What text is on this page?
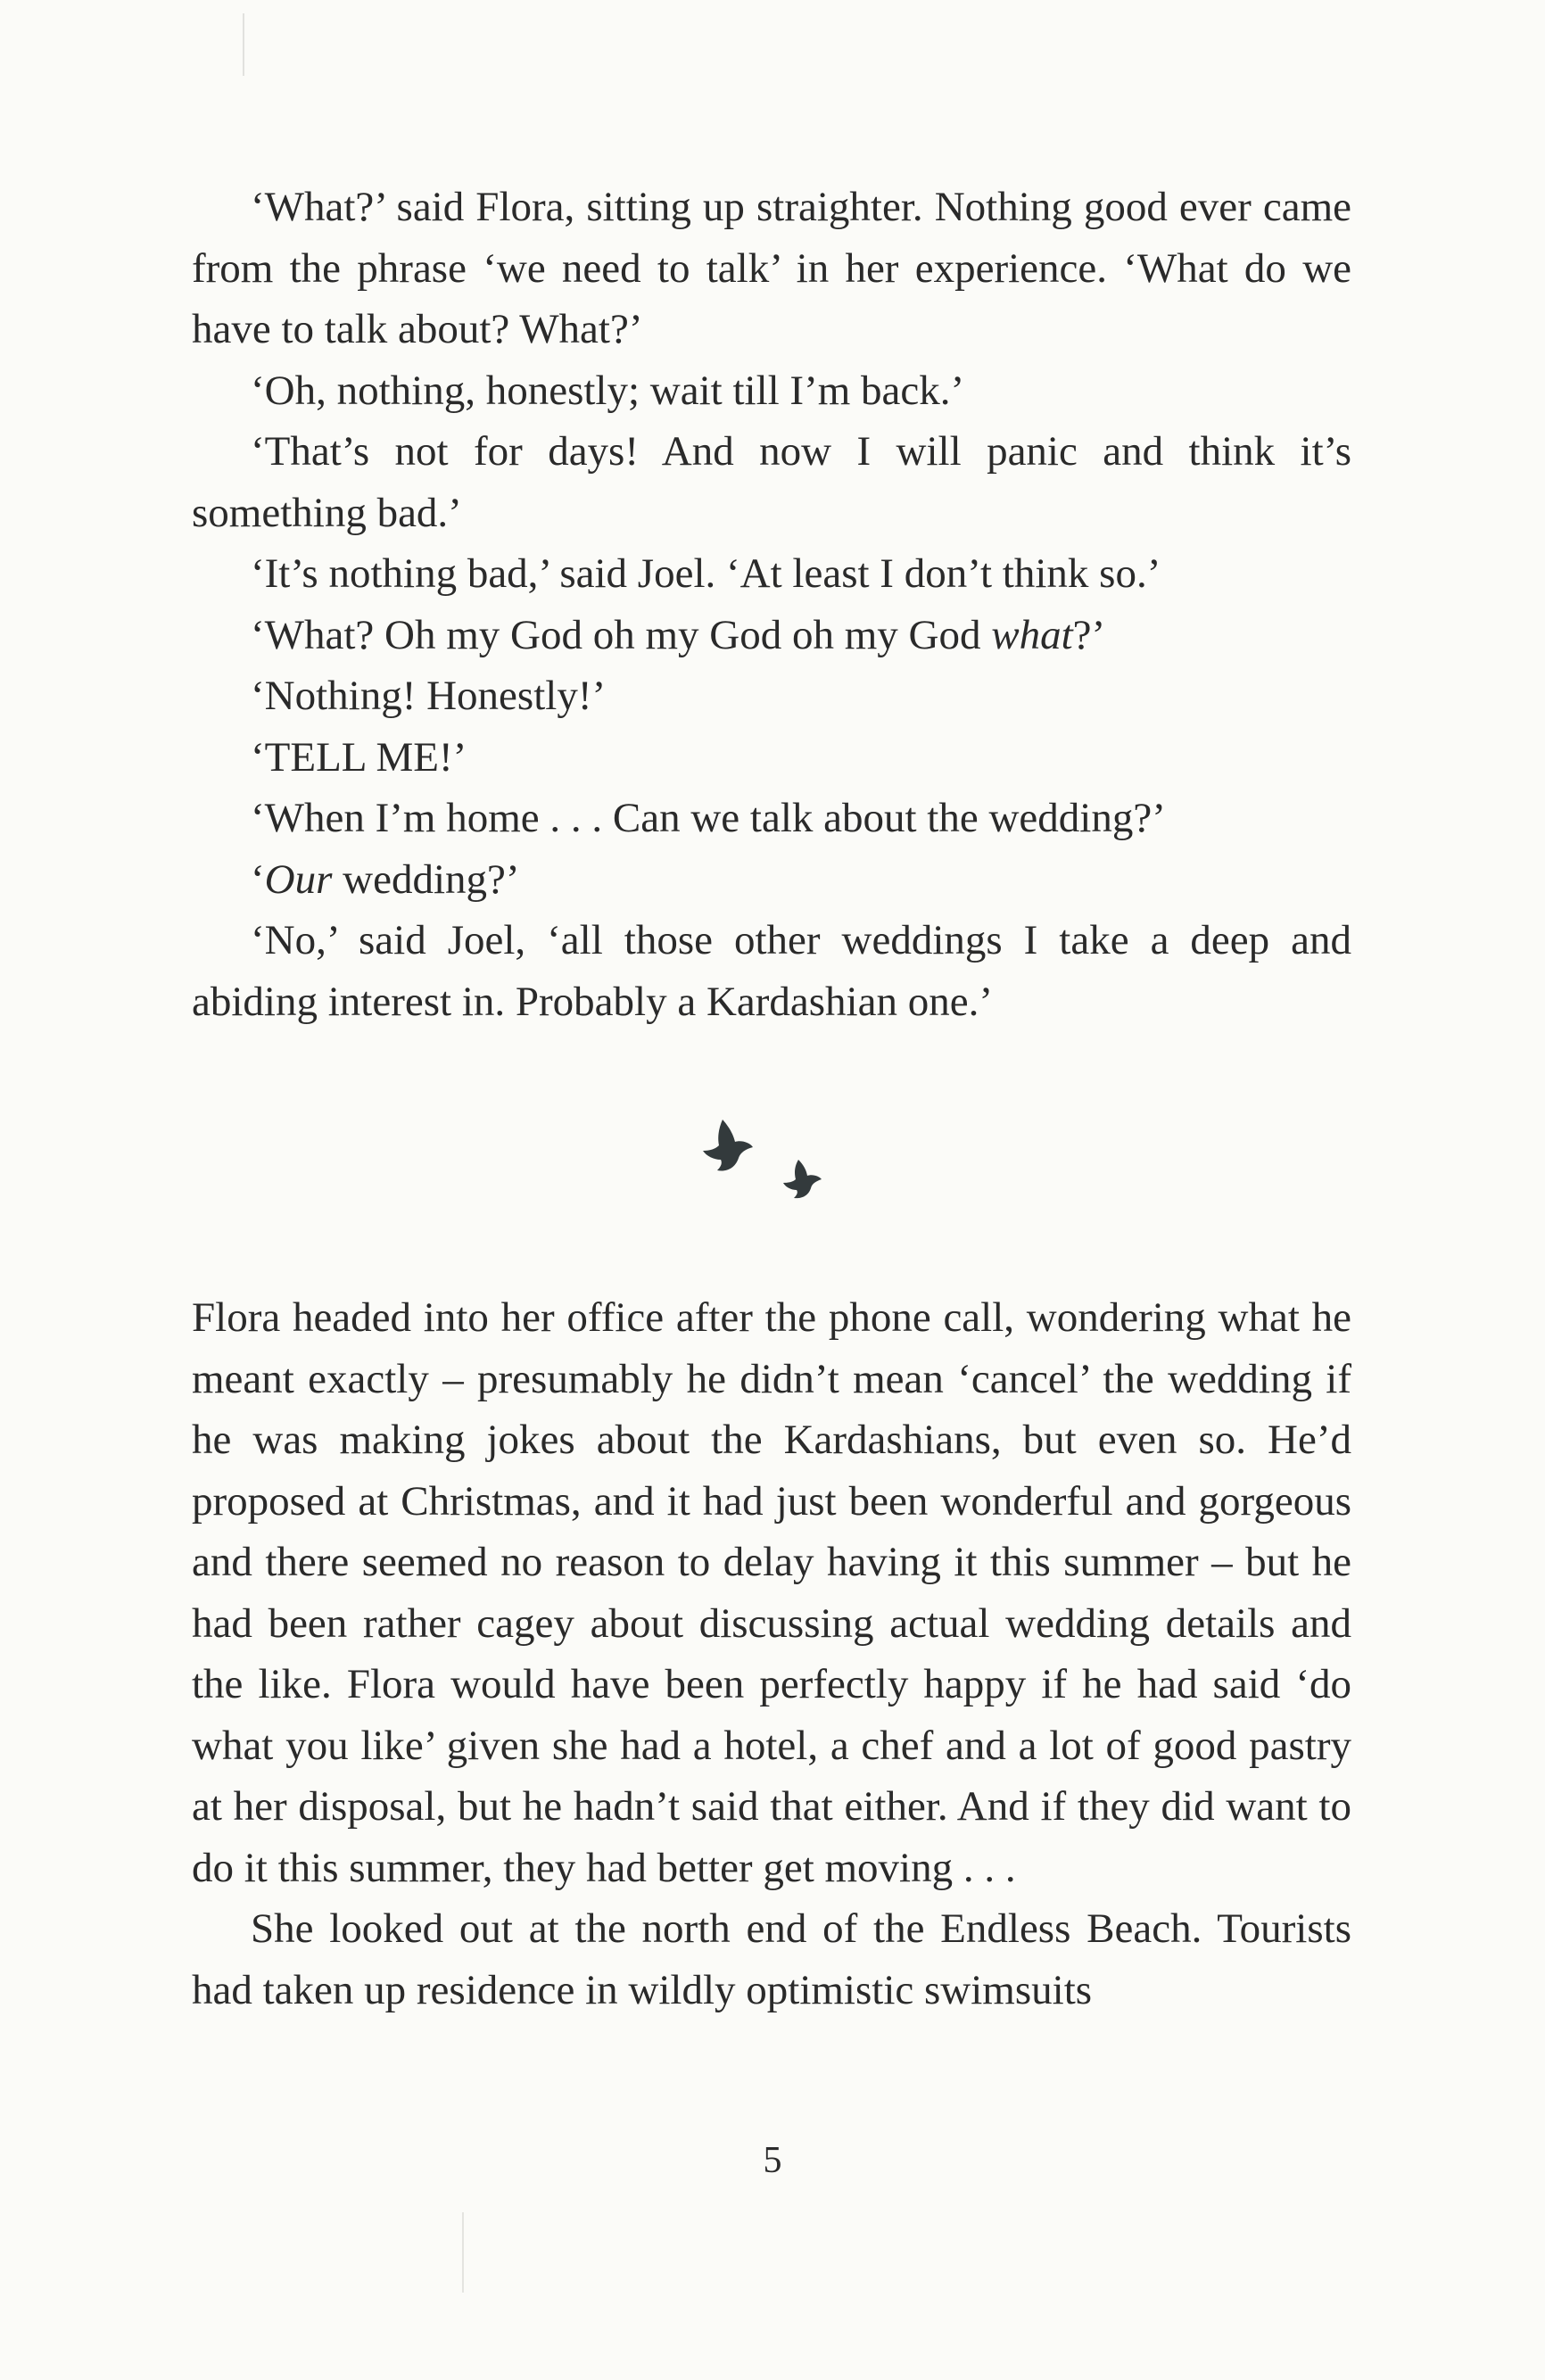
‘What?’ said Flora, sitting up straighter. Nothing good ever came from the phrase ‘we need to talk’ in her experience. ‘What do we have to talk about? What?’

‘Oh, nothing, honestly; wait till I’m back.’

‘That’s not for days! And now I will panic and think it’s something bad.’

‘It’s nothing bad,’ said Joel. ‘At least I don’t think so.’

‘What? Oh my God oh my God oh my God what?’

‘Nothing! Honestly!’

‘TELL ME!’

‘When I’m home . . . Can we talk about the wedding?’

‘Our wedding?’

‘No,’ said Joel, ‘all those other weddings I take a deep and abiding interest in. Probably a Kardashian one.’

Flora headed into her office after the phone call, wondering what he meant exactly – presumably he didn’t mean ‘cancel’ the wedding if he was making jokes about the Kardashians, but even so. He’d proposed at Christmas, and it had just been wonderful and gorgeous and there seemed no reason to delay having it this summer – but he had been rather cagey about discussing actual wedding details and the like. Flora would have been perfectly happy if he had said ‘do what you like’ given she had a hotel, a chef and a lot of good pastry at her disposal, but he hadn’t said that either. And if they did want to do it this summer, they had better get moving . . .

She looked out at the north end of the Endless Beach. Tourists had taken up residence in wildly optimistic swimsuits

5
